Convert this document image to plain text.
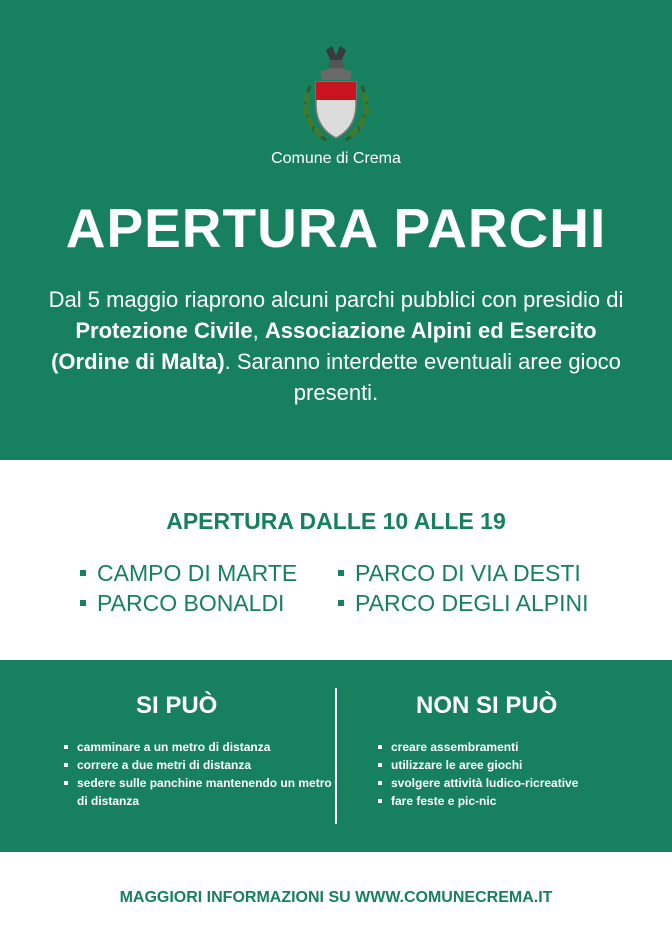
Comune di Crema
APERTURA PARCHI
Dal 5 maggio riaprono alcuni parchi pubblici con presidio di Protezione Civile, Associazione Alpini ed Esercito (Ordine di Malta). Saranno interdette eventuali aree gioco presenti.
APERTURA DALLE 10 ALLE 19
CAMPO DI MARTE
PARCO BONALDI
PARCO DI VIA DESTI
PARCO DEGLI ALPINI
SI PUÒ
camminare a un metro di distanza
correre a due metri di distanza
sedere sulle panchine mantenendo un metro di distanza
NON SI PUÒ
creare assembramenti
utilizzare le aree giochi
svolgere attività ludico-ricreative
fare feste e pic-nic
MAGGIORI INFORMAZIONI SU WWW.COMUNECREMA.IT
